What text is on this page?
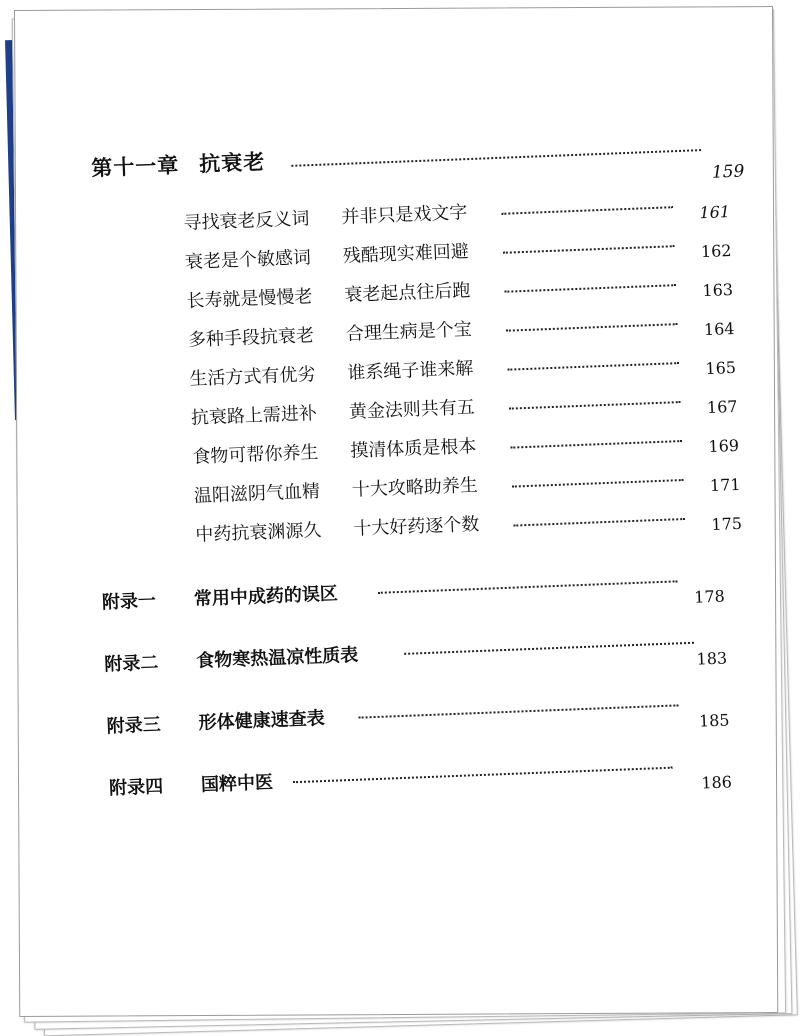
第十一章 抗衰老	159
寻找衰老反义词 并非只是戏文字	161
衰老是个敏感词 残酷现实难回避	162
长寿就是慢慢老 衰老起点往后跑	163
多种手段抗衰老 合理生病是个宝	164
生活方式有优劣 谁系绳子谁来解	165
抗衰路上需进补 黄金法则共有五	167
食物可帮你养生 摸清体质是根本	169
温阳滋阴气血精 十大攻略助养生	171
中药抗衰渊源久 十大好药逐个数	175
附录一 常用中成药的误区	178
附录二 食物寒热温凉性质表	183
附录三 形体健康速查表	185
附录四 国粹中医	186
